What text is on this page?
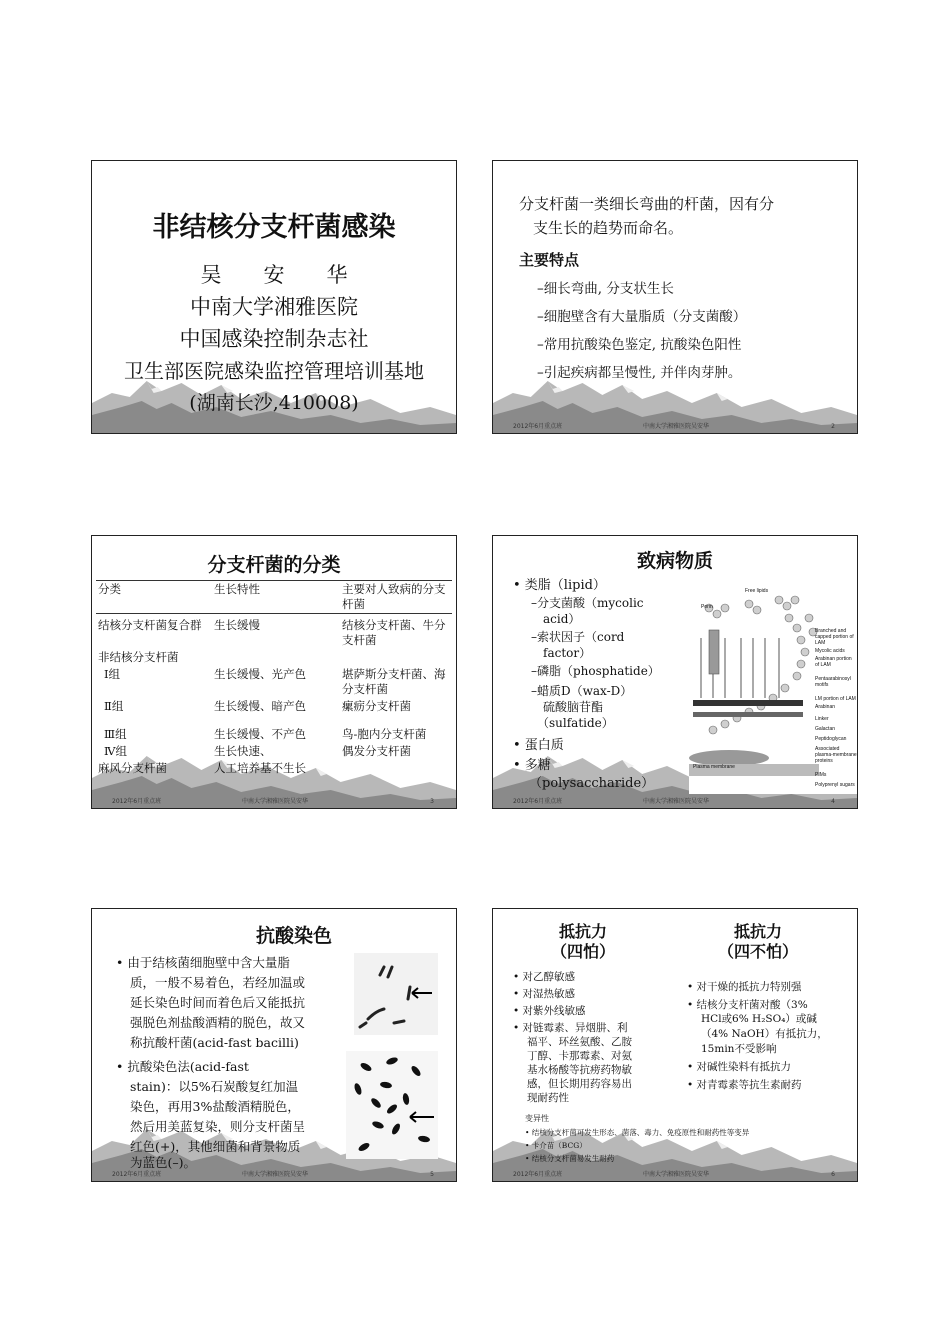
非结核分支杆菌感染
吴　　安　　华
中南大学湘雅医院
中国感染控制杂志社
卫生部医院感染监控管理培训基地
(湖南长沙,410008)
分支杆菌一类细长弯曲的杆菌，因有分
支生长的趋势而命名。
主要特点
–细长弯曲, 分支状生长
–细胞壁含有大量脂质（分支菌酸）
–常用抗酸染色鉴定, 抗酸染色阳性
–引起疾病都呈慢性, 并伴肉芽肿。
2012年6月重点班	中南大学湘雅医院吴安华	2
分支杆菌的分类
分类	生长特性	主要对人致病的分支杆菌
结核分支杆菌复合群	生长缓慢	结核分支杆菌、牛分支杆菌
非结核分支杆菌		
Ⅰ组	生长缓慢、光产色	堪萨斯分支杆菌、海分支杆菌
Ⅱ组	生长缓慢、暗产色	瘰疬分支杆菌
Ⅲ组	生长缓慢、不产色	鸟-胞内分支杆菌
Ⅳ组	生长快速、	偶发分支杆菌
麻风分支杆菌	人工培养基不生长	
2012年6月重点班	中南大学湘雅医院吴安华	3
致病物质
• 类脂（lipid）
–分支菌酸（mycolic
acid）
–索状因子（cord
factor）
–磷脂（phosphatide）
–蜡质D（wax-D）
硫酸脑苷酯
（sulfatide）
• 蛋白质
• 多糖
（polysaccharide）
Free lipids
Porin
Branched and capped portion of LAM
Mycolic acids
Arabinan portion of LAM
Pentaarabinosyl motifs
LM portion of LAM
Arabinan
Linker
Galactan
Peptidoglycan
Associated plasma-membrane proteins
Plasma membrane
PIMs
Polyprenyl sugars
2012年6月重点班	中南大学湘雅医院吴安华	4
抗酸染色
• 由于结核菌细胞壁中含大量脂
质，一般不易着色，若经加温或
延长染色时间而着色后又能抵抗
强脱色剂盐酸酒精的脱色，故又
称抗酸杆菌(acid-fast bacilli)
• 抗酸染色法(acid-fast
stain)：以5%石炭酸复红加温
染色，再用3%盐酸酒精脱色，
然后用美蓝复染，则分支杆菌呈
红色(+)，其他细菌和背景物质
为蓝色(–)。
2012年6月重点班	中南大学湘雅医院吴安华	5
抵抗力
（四怕）
抵抗力
（四不怕）
• 对乙醇敏感
• 对湿热敏感
• 对紫外线敏感
• 对链霉素、异烟肼、利
福平、环丝氨酸、乙胺
丁醇、卡那霉素、对氨
基水杨酸等抗痨药物敏
感，但长期用药容易出
现耐药性
• 对干燥的抵抗力特别强
• 结核分支杆菌对酸（3%
HCl或6% H₂SO₄）或碱
（4% NaOH）有抵抗力，
15min不受影响
• 对碱性染料有抵抗力
• 对青霉素等抗生素耐药
变异性
• 结核分支杆菌可发生形态、菌落、毒力、免疫原性和耐药性等变异
• 卡介苗（BCG）
• 结核分支杆菌易发生耐药
2012年6月重点班	中南大学湘雅医院吴安华	6
